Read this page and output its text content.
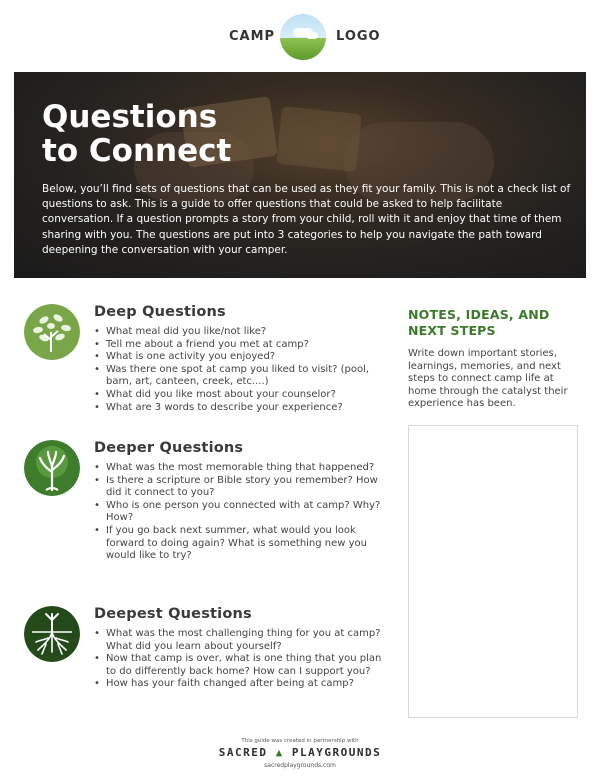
CAMP	LOGO
Questions
to Connect

Below, you’ll find sets of questions that can be used as they fit your family. This is not a check list of questions to ask. This is a guide to offer questions that could be asked to help facilitate conversation. If a question prompts a story from your child, roll with it and enjoy that time of them sharing with you. The questions are put into 3 categories to help you navigate the path toward deepening the conversation with your camper.

Deep Questions
• What meal did you like/not like?
• Tell me about a friend you met at camp?
• What is one activity you enjoyed?
• Was there one spot at camp you liked to visit? (pool, barn, art, canteen, creek, etc....)
• What did you like most about your counselor?
• What are 3 words to describe your experience?
Deeper Questions
• What was the most memorable thing that happened?
• Is there a scripture or Bible story you remember? How did it connect to you?
• Who is one person you connected with at camp? Why? How?
• If you go back next summer, what would you look forward to doing again? What is something new you would like to try?
Deepest Questions
• What was the most challenging thing for you at camp? What did you learn about yourself?
• Now that camp is over, what is one thing that you plan to do differently back home? How can I support you?
• How has your faith changed after being at camp?
NOTES, IDEAS, AND NEXT STEPS

Write down important stories, learnings, memories, and next steps to connect camp life at home through the catalyst their experience has been.

This guide was created in partnership with
SACRED ▲ PLAYGROUNDS
sacredplaygrounds.com
